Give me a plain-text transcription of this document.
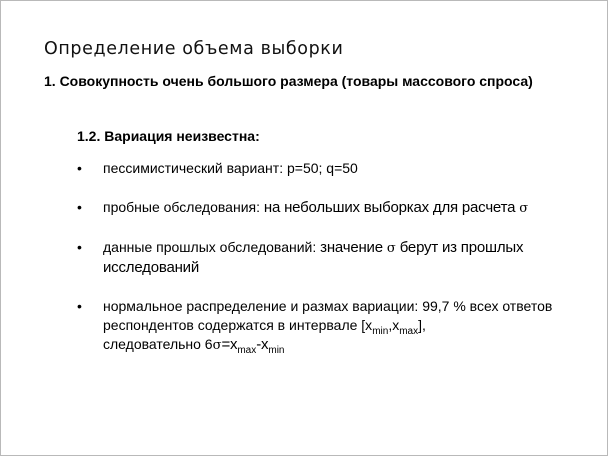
Определение объема выборки
1. Совокупность очень большого размера (товары массового спроса)
1.2. Вариация неизвестна:
• пессимистический вариант: p=50; q=50
• пробные обследования: на небольших выборках для расчета σ
• данные прошлых обследований: значение σ берут из прошлых исследований
• нормальное распределение и размах вариации: 99,7 % всех ответов респондентов содержатся в интервале $[x_{min},x_{max}]$,
следовательно $6\sigma=x_{max}-x_{min}$
